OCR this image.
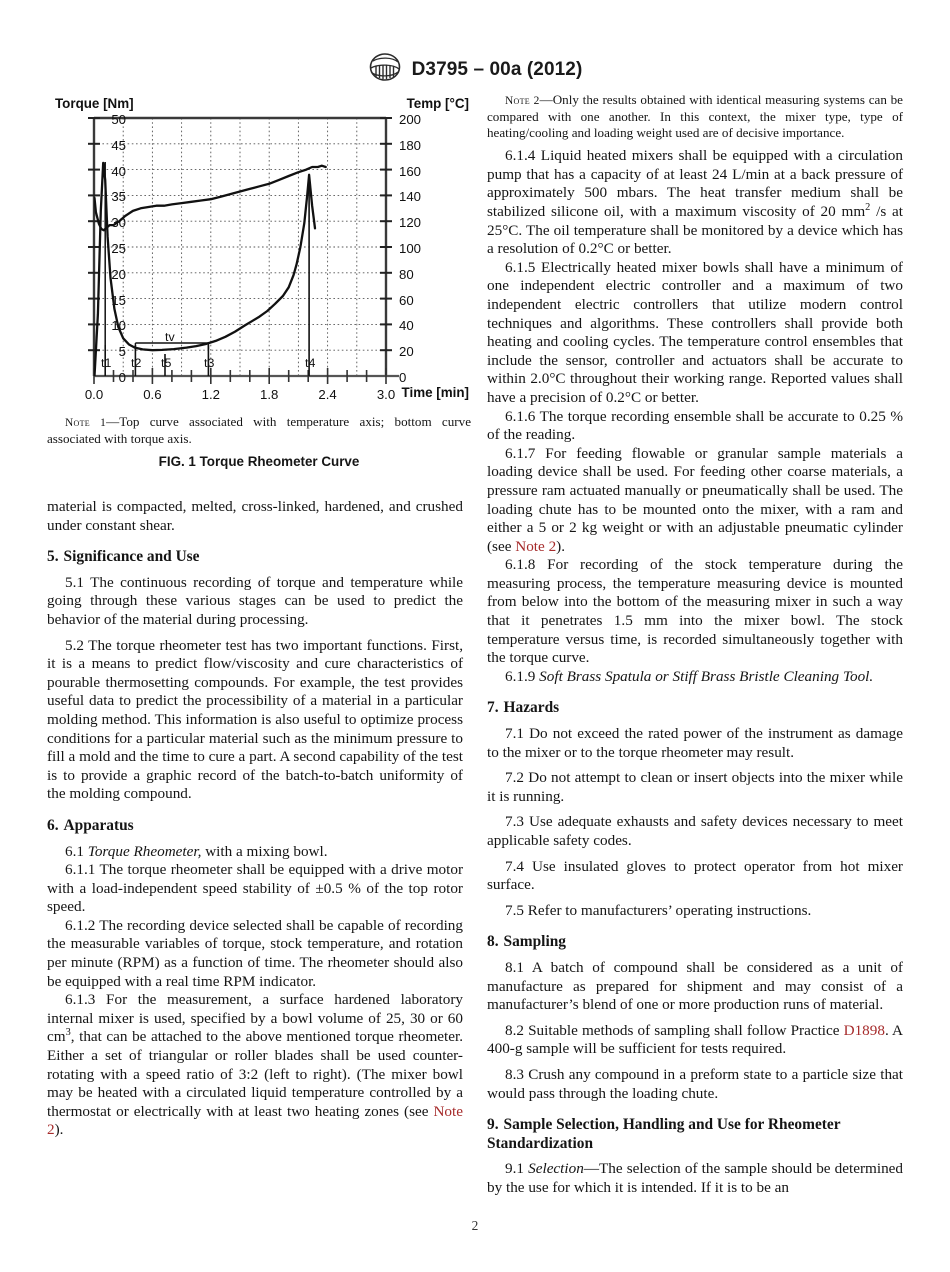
D3795 – 00a (2012)
Torque [Nm]	Temp [°C]
Time [min]
50
45
40
35
30
25
20
15
10
5
0
200
180
160
140
120
100
80
60
40
20
0
0.0	0.6	1.2	1.8	2.4	3.0
t1 t2 t5	t3	t4
tv
Note 1—Top curve associated with temperature axis; bottom curve associated with torque axis.
FIG. 1 Torque Rheometer Curve

material is compacted, melted, cross-linked, hardened, and crushed under constant shear.

5. Significance and Use

5.1 The continuous recording of torque and temperature while going through these various stages can be used to predict the behavior of the material during processing.

5.2 The torque rheometer test has two important functions. First, it is a means to predict flow/viscosity and cure characteristics of pourable thermosetting compounds. For example, the test provides useful data to predict the processibility of a material in a particular molding method. This information is also useful to optimize process conditions for a particular material such as the minimum pressure to fill a mold and the time to cure a part. A second capability of the test is to provide a graphic record of the batch-to-batch uniformity of the molding compound.

6. Apparatus

6.1 Torque Rheometer, with a mixing bowl.

6.1.1 The torque rheometer shall be equipped with a drive motor with a load-independent speed stability of ±0.5 % of the top rotor speed.

6.1.2 The recording device selected shall be capable of recording the measurable variables of torque, stock temperature, and rotation per minute (RPM) as a function of time. The rheometer should also be equipped with a real time RPM indicator.

6.1.3 For the measurement, a surface hardened laboratory internal mixer is used, specified by a bowl volume of 25, 30 or 60 $cm^3$, that can be attached to the above mentioned torque rheometer. Either a set of triangular or roller blades shall be used counter-rotating with a speed ratio of 3:2 (left to right). (The mixer bowl may be heated with a circulated liquid temperature controlled by a thermostat or electrically with at least two heating zones (see Note 2).

Note 2—Only the results obtained with identical measuring systems can be compared with one another. In this context, the mixer type, type of heating/cooling and loading weight used are of decisive importance.

6.1.4 Liquid heated mixers shall be equipped with a circulation pump that has a capacity of at least 24 L/min at a back pressure of approximately 500 mbars. The heat transfer medium shall be stabilized silicone oil, with a maximum viscosity of 20 $mm^2$ /s at 25°C. The oil temperature shall be monitored by a device which has a resolution of 0.2°C or better.

6.1.5 Electrically heated mixer bowls shall have a minimum of one independent electric controller and a maximum of two independent electric controllers that utilize modern control techniques and algorithms. These controllers shall provide both heating and cooling cycles. The temperature control ensembles that include the sensor, controller and actuators shall be accurate to within 2.0°C throughout their working range. Reported values shall have a precision of 0.2°C or better.

6.1.6 The torque recording ensemble shall be accurate to 0.25 % of the reading.

6.1.7 For feeding flowable or granular sample materials a loading device shall be used. For feeding other coarse materials, a pressure ram actuated manually or pneumatically shall be used. The loading chute has to be mounted onto the mixer, with a ram and either a 5 or 2 kg weight or with an adjustable pneumatic cylinder (see Note 2).

6.1.8 For recording of the stock temperature during the measuring process, the temperature measuring device is mounted from below into the bottom of the measuring mixer in such a way that it penetrates 1.5 mm into the mixer bowl. The stock temperature versus time, is recorded simultaneously together with the torque curve.

6.1.9 Soft Brass Spatula or Stiff Brass Bristle Cleaning Tool.

7. Hazards

7.1 Do not exceed the rated power of the instrument as damage to the mixer or to the torque rheometer may result.

7.2 Do not attempt to clean or insert objects into the mixer while it is running.

7.3 Use adequate exhausts and safety devices necessary to meet applicable safety codes.

7.4 Use insulated gloves to protect operator from hot mixer surface.

7.5 Refer to manufacturers’ operating instructions.

8. Sampling

8.1 A batch of compound shall be considered as a unit of manufacture as prepared for shipment and may consist of a manufacturer’s blend of one or more production runs of material.

8.2 Suitable methods of sampling shall follow Practice D1898. A 400-g sample will be sufficient for tests required.

8.3 Crush any compound in a preform state to a particle size that would pass through the loading chute.

9. Sample Selection, Handling and Use for Rheometer Standardization

9.1 Selection—The selection of the sample should be determined by the use for which it is intended. If it is to be an

2
